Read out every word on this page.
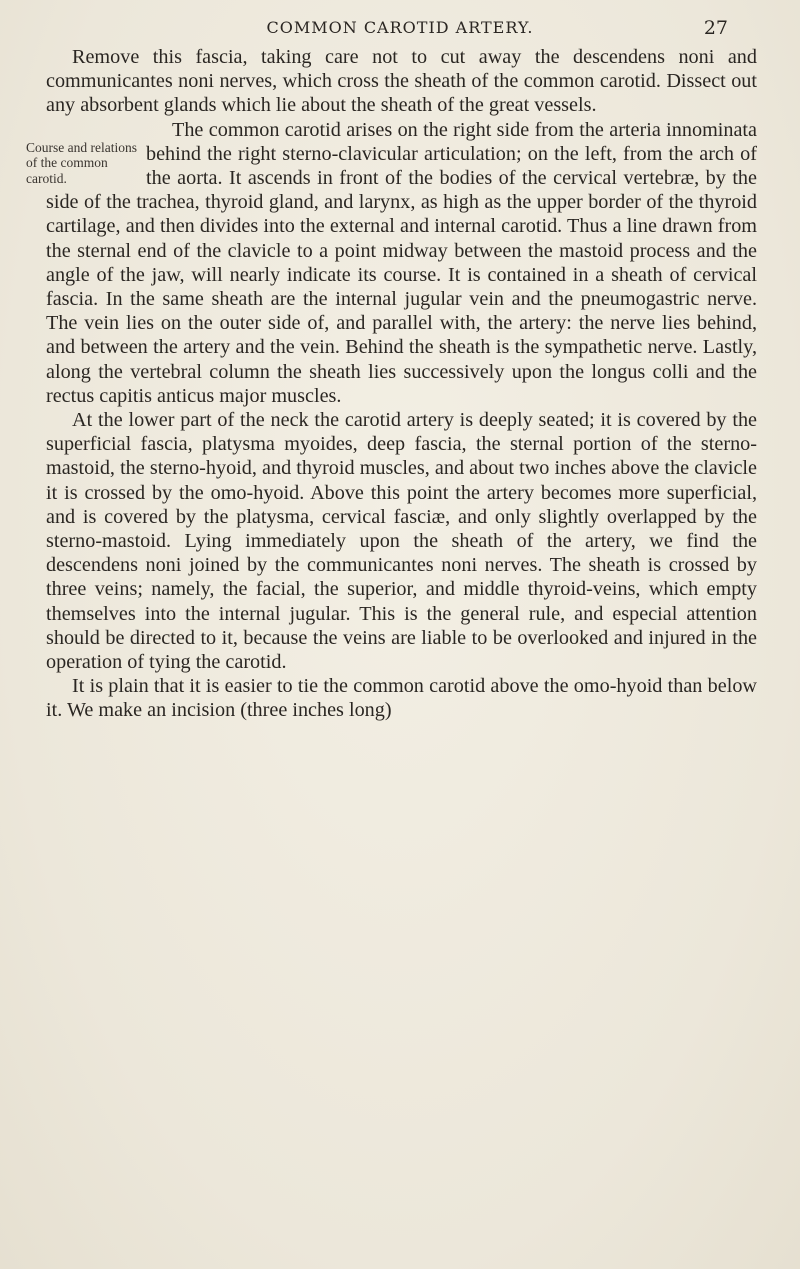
COMMON CAROTID ARTERY.	27

Remove this fascia, taking care not to cut away the descendens noni and communicantes noni nerves, which cross the sheath of the common carotid. Dissect out any absorbent glands which lie about the sheath of the great vessels.

Course and relations of the common carotid.

The common carotid arises on the right side from the arteria innominata behind the right sterno-clavicular articulation; on the left, from the arch of the aorta. It ascends in front of the bodies of the cervical vertebræ, by the side of the trachea, thyroid gland, and larynx, as high as the upper border of the thyroid cartilage, and then divides into the external and internal carotid. Thus a line drawn from the sternal end of the clavicle to a point midway between the mastoid process and the angle of the jaw, will nearly indicate its course. It is contained in a sheath of cervical fascia. In the same sheath are the internal jugular vein and the pneumogastric nerve. The vein lies on the outer side of, and parallel with, the artery: the nerve lies behind, and between the artery and the vein. Behind the sheath is the sympathetic nerve. Lastly, along the vertebral column the sheath lies successively upon the longus colli and the rectus capitis anticus major muscles.

At the lower part of the neck the carotid artery is deeply seated; it is covered by the superficial fascia, platysma myoides, deep fascia, the sternal portion of the sterno-mastoid, the sterno-hyoid, and thyroid muscles, and about two inches above the clavicle it is crossed by the omo-hyoid. Above this point the artery becomes more superficial, and is covered by the platysma, cervical fasciæ, and only slightly overlapped by the sterno-mastoid. Lying immediately upon the sheath of the artery, we find the descendens noni joined by the communicantes noni nerves. The sheath is crossed by three veins; namely, the facial, the superior, and middle thyroid-veins, which empty themselves into the internal jugular. This is the general rule, and especial attention should be directed to it, because the veins are liable to be overlooked and injured in the operation of tying the carotid.

It is plain that it is easier to tie the common carotid above the omo-hyoid than below it. We make an incision (three inches long)
